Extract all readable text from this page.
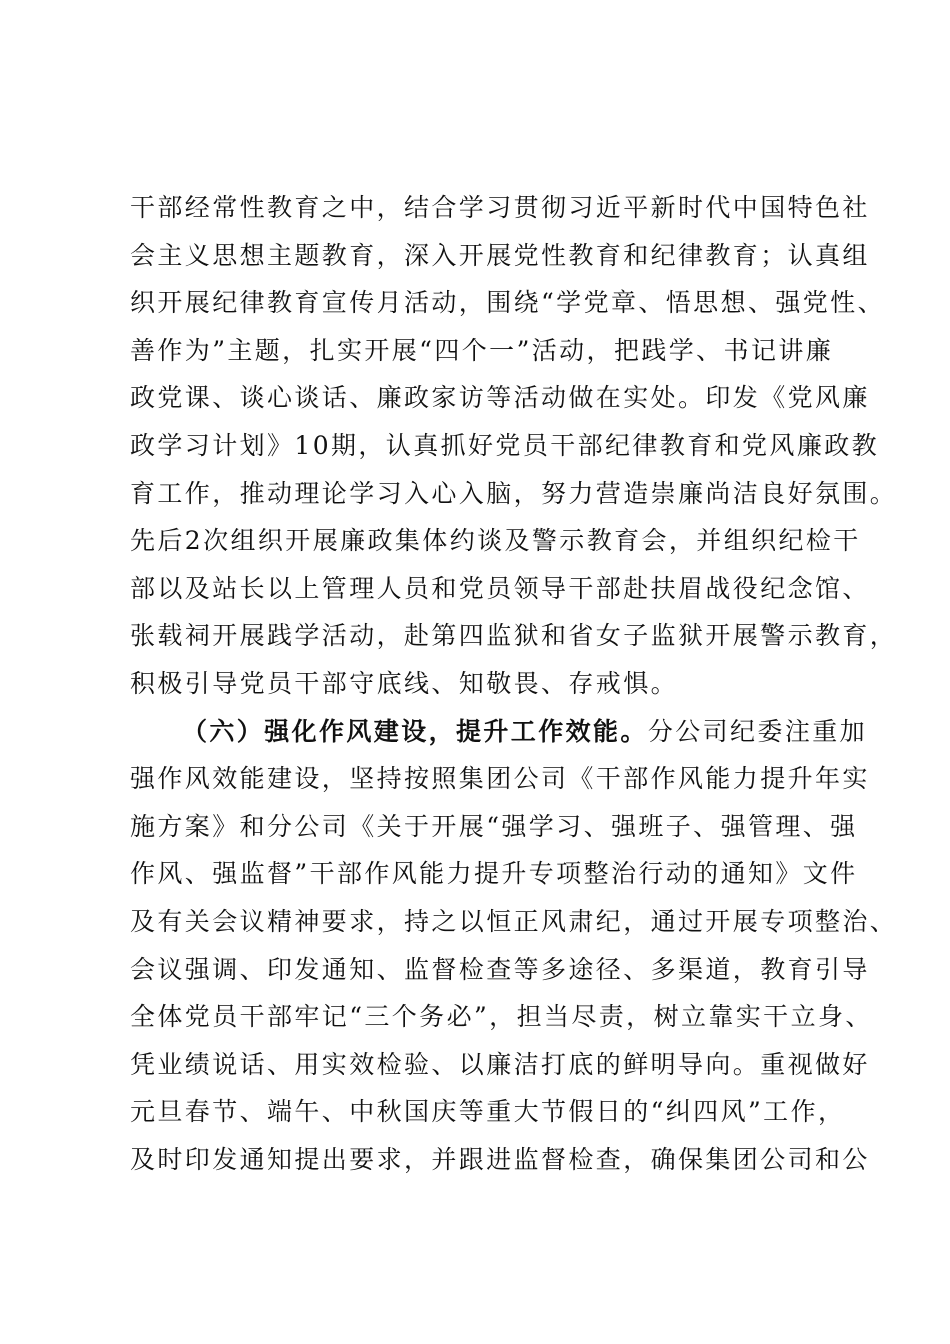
干部经常性教育之中，结合学习贯彻习近平新时代中国特色社
会主义思想主题教育，深入开展党性教育和纪律教育；认真组
织开展纪律教育宣传月活动，围绕“学党章、悟思想、强党性、
善作为”主题，扎实开展“四个一”活动，把践学、书记讲廉
政党课、谈心谈话、廉政家访等活动做在实处。印发《党风廉
政学习计划》10期，认真抓好党员干部纪律教育和党风廉政教
育工作，推动理论学习入心入脑，努力营造崇廉尚洁良好氛围。
先后2次组织开展廉政集体约谈及警示教育会，并组织纪检干
部以及站长以上管理人员和党员领导干部赴扶眉战役纪念馆、
张载祠开展践学活动，赴第四监狱和省女子监狱开展警示教育，
积极引导党员干部守底线、知敬畏、存戒惧。
（六）强化作风建设，提升工作效能。分公司纪委注重加
强作风效能建设，坚持按照集团公司《干部作风能力提升年实
施方案》和分公司《关于开展“强学习、强班子、强管理、强
作风、强监督”干部作风能力提升专项整治行动的通知》文件
及有关会议精神要求，持之以恒正风肃纪，通过开展专项整治、
会议强调、印发通知、监督检查等多途径、多渠道，教育引导
全体党员干部牢记“三个务必”，担当尽责，树立靠实干立身、
凭业绩说话、用实效检验、以廉洁打底的鲜明导向。重视做好
元旦春节、端午、中秋国庆等重大节假日的“纠四风”工作，
及时印发通知提出要求，并跟进监督检查，确保集团公司和公
